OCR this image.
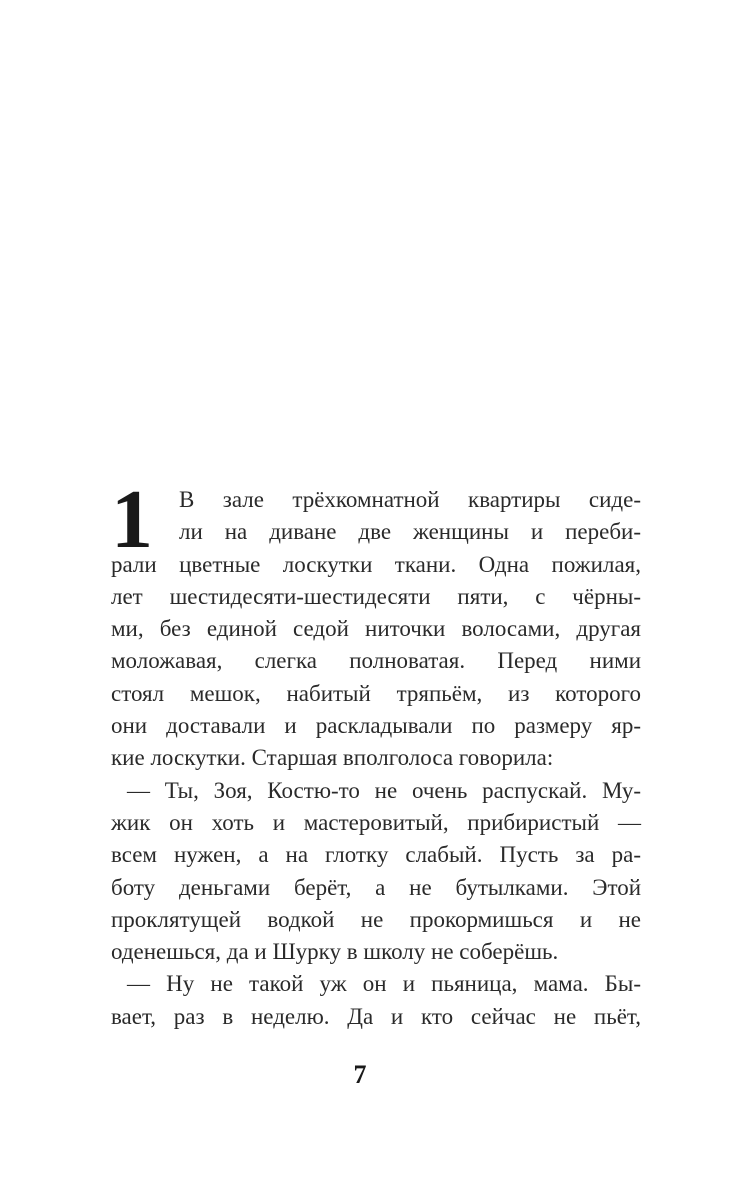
1 В зале трёхкомнатной квартиры сиде-
ли на диване две женщины и переби-
рали цветные лоскутки ткани. Одна пожилая,
лет шестидесяти-шестидесяти пяти, с чёрны-
ми, без единой седой ниточки волосами, другая
моложавая, слегка полноватая. Перед ними
стоял мешок, набитый тряпьём, из которого
они доставали и раскладывали по размеру яр-
кие лоскутки. Старшая вполголоса говорила:
— Ты, Зоя, Костю-то не очень распускай. Му-
жик он хоть и мастеровитый, прибиристый —
всем нужен, а на глотку слабый. Пусть за ра-
боту деньгами берёт, а не бутылками. Этой
проклятущей водкой не прокормишься и не
оденешься, да и Шурку в школу не соберёшь.
— Ну не такой уж он и пьяница, мама. Бы-
вает, раз в неделю. Да и кто сейчас не пьёт,
7
